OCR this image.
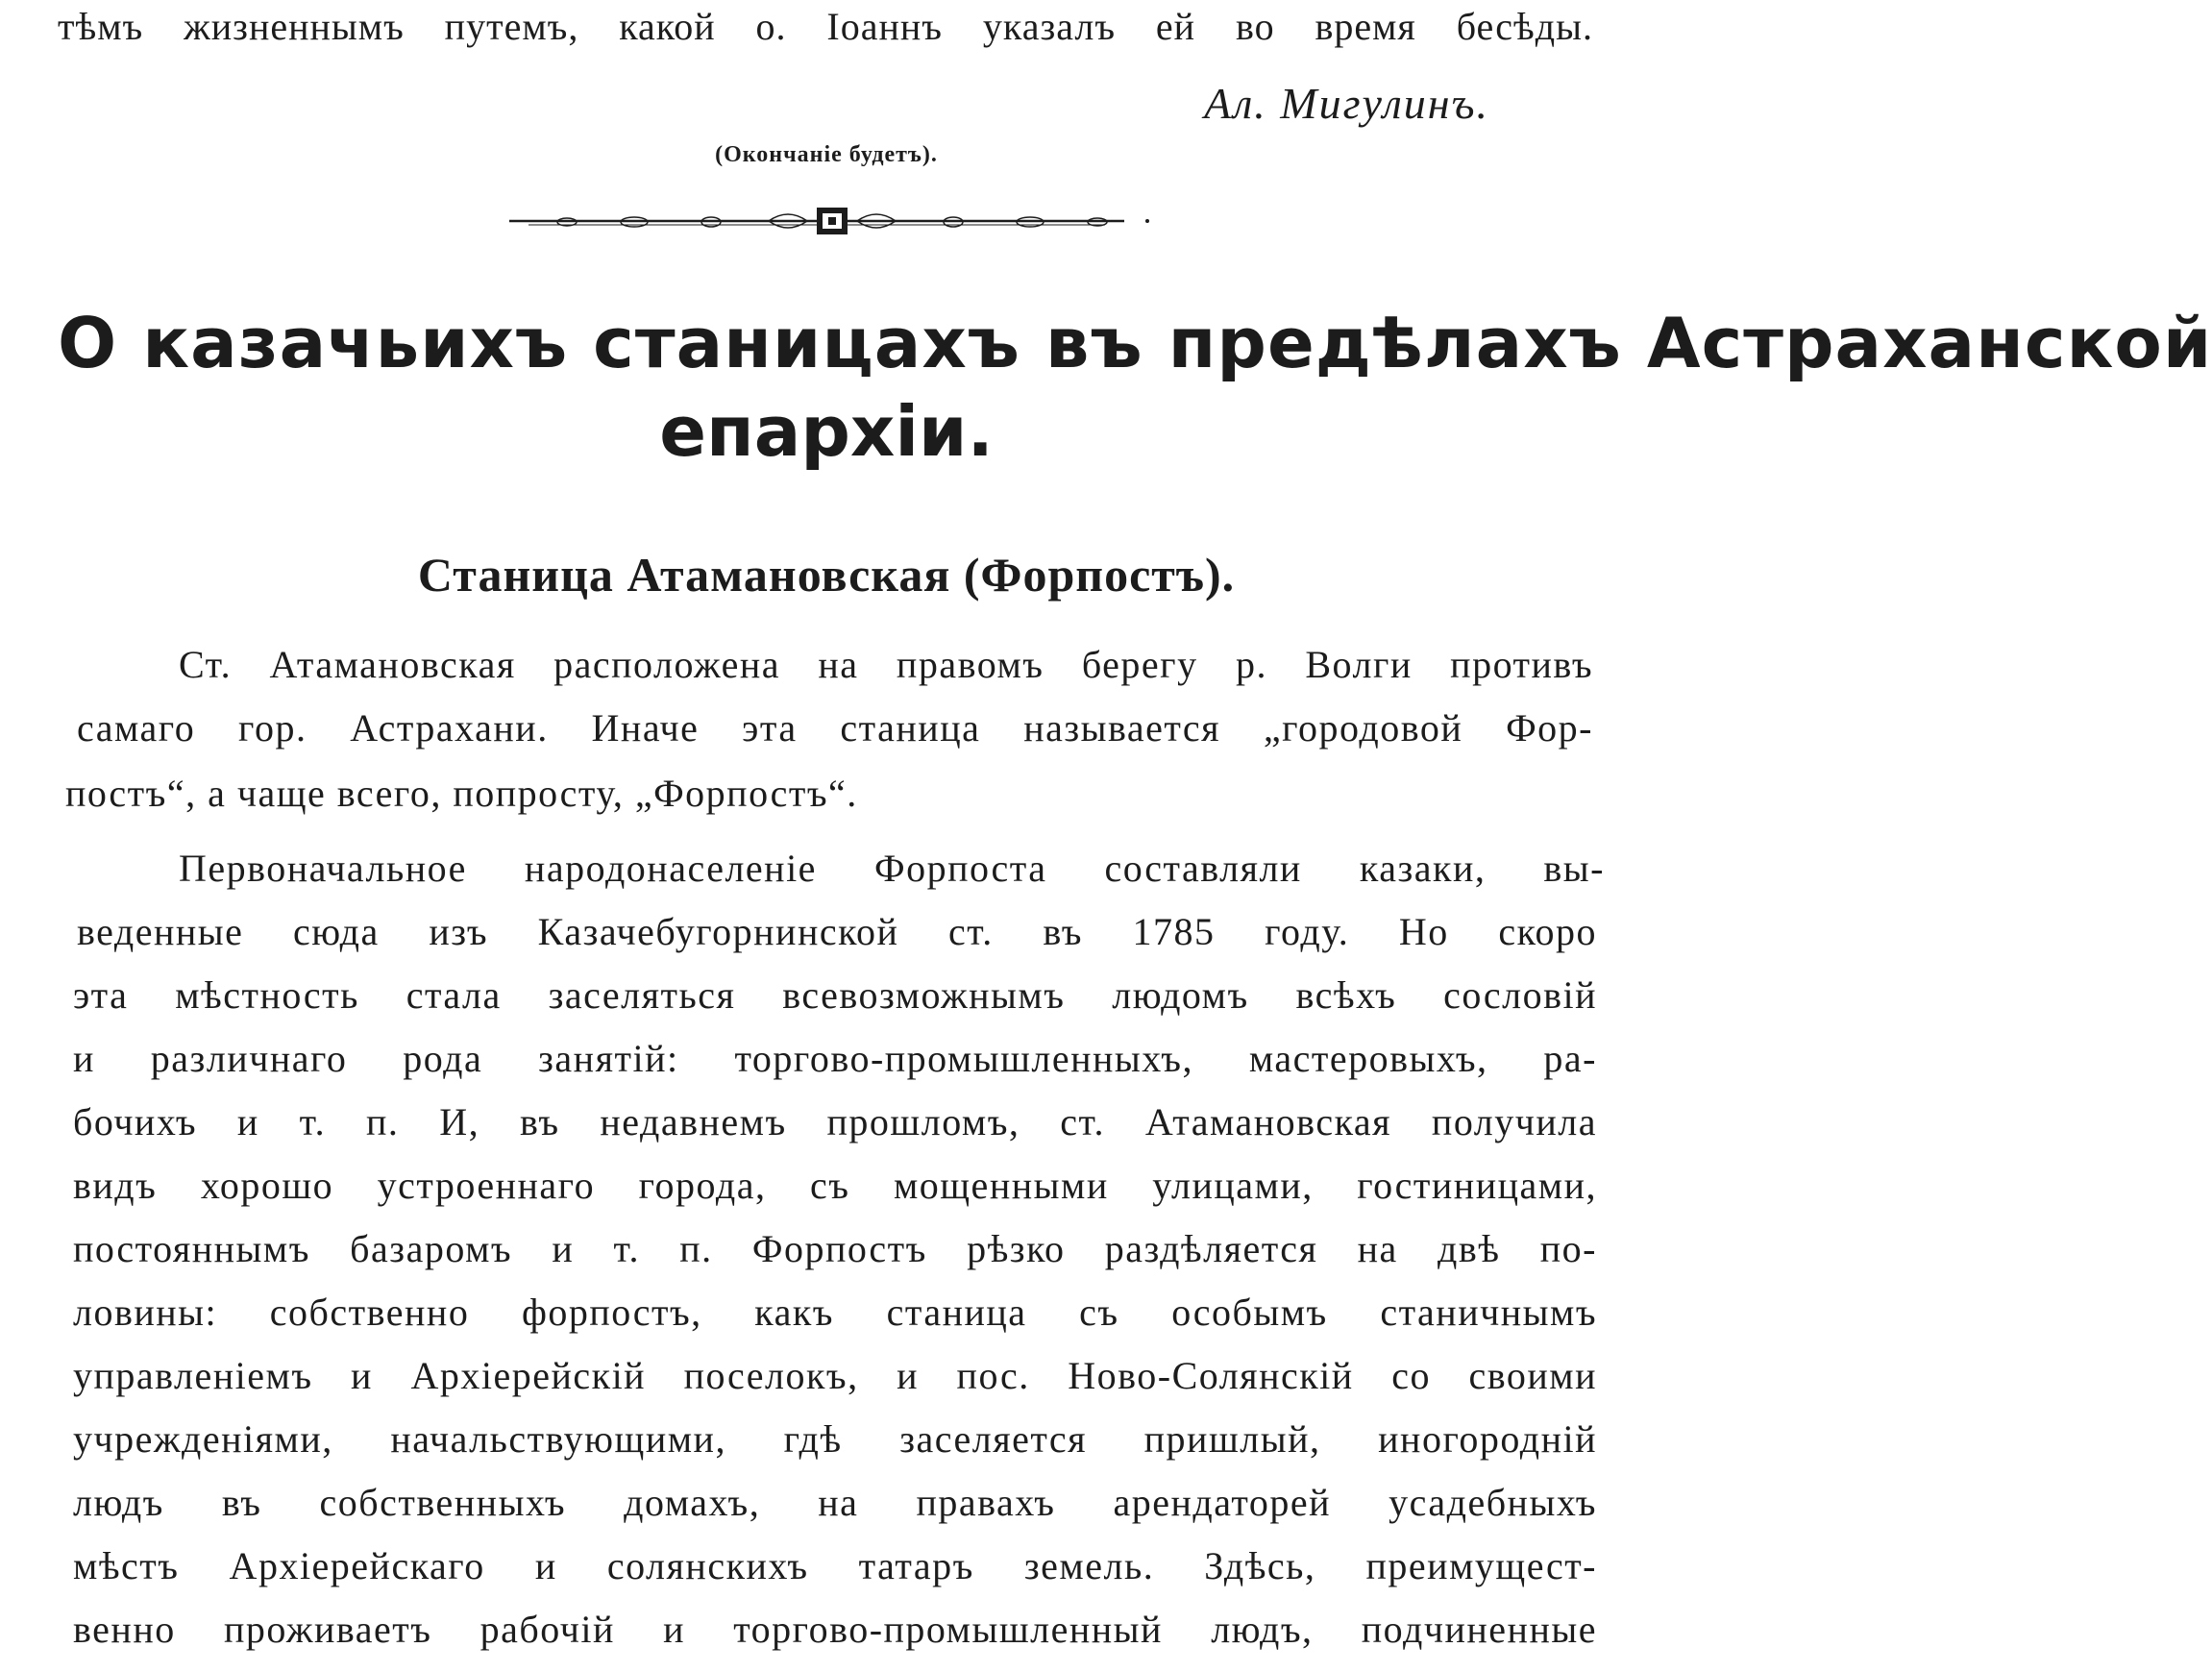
тѣмъ жизненнымъ путемъ, какой о. Іоаннъ указалъ ей во время бесѣды.
Ал. Мигулинъ.
(Окончаніе будетъ).
О казачьихъ станицахъ въ предѣлахъ Астраханской
епархіи.
Станица Атамановская (Форпостъ).
Ст. Атамановская расположена на правомъ берегу р. Волги противъ
самаго гор. Астрахани. Иначе эта станица называется „городовой Фор-
постъ“, а чаще всего, попросту, „Форпостъ“.
Первоначальное народонаселеніе Форпоста составляли казаки, вы-
веденные сюда изъ Казачебугорнинской ст. въ 1785 году. Но скоро
эта мѣстность стала заселяться всевозможнымъ людомъ всѣхъ сословій
и различнаго рода занятій: торгово-промышленныхъ, мастеровыхъ, ра-
бочихъ и т. п. И, въ недавнемъ прошломъ, ст. Атамановская получила
видъ хорошо устроеннаго города, съ мощенными улицами, гостиницами,
постояннымъ базаромъ и т. п. Форпостъ рѣзко раздѣляется на двѣ по-
ловины: собственно форпостъ, какъ станица съ особымъ станичнымъ
управленіемъ и Архіерейскій поселокъ, и пос. Ново-Солянскій со своими
учрежденіями, начальствующими, гдѣ заселяется пришлый, иногородній
людъ въ собственныхъ домахъ, на правахъ арендаторей усадебныхъ
мѣстъ Архіерейскаго и солянскихъ татаръ земель. Здѣсь, преимущест-
венно проживаетъ рабочій и торгово-промышленный людъ, подчиненные
